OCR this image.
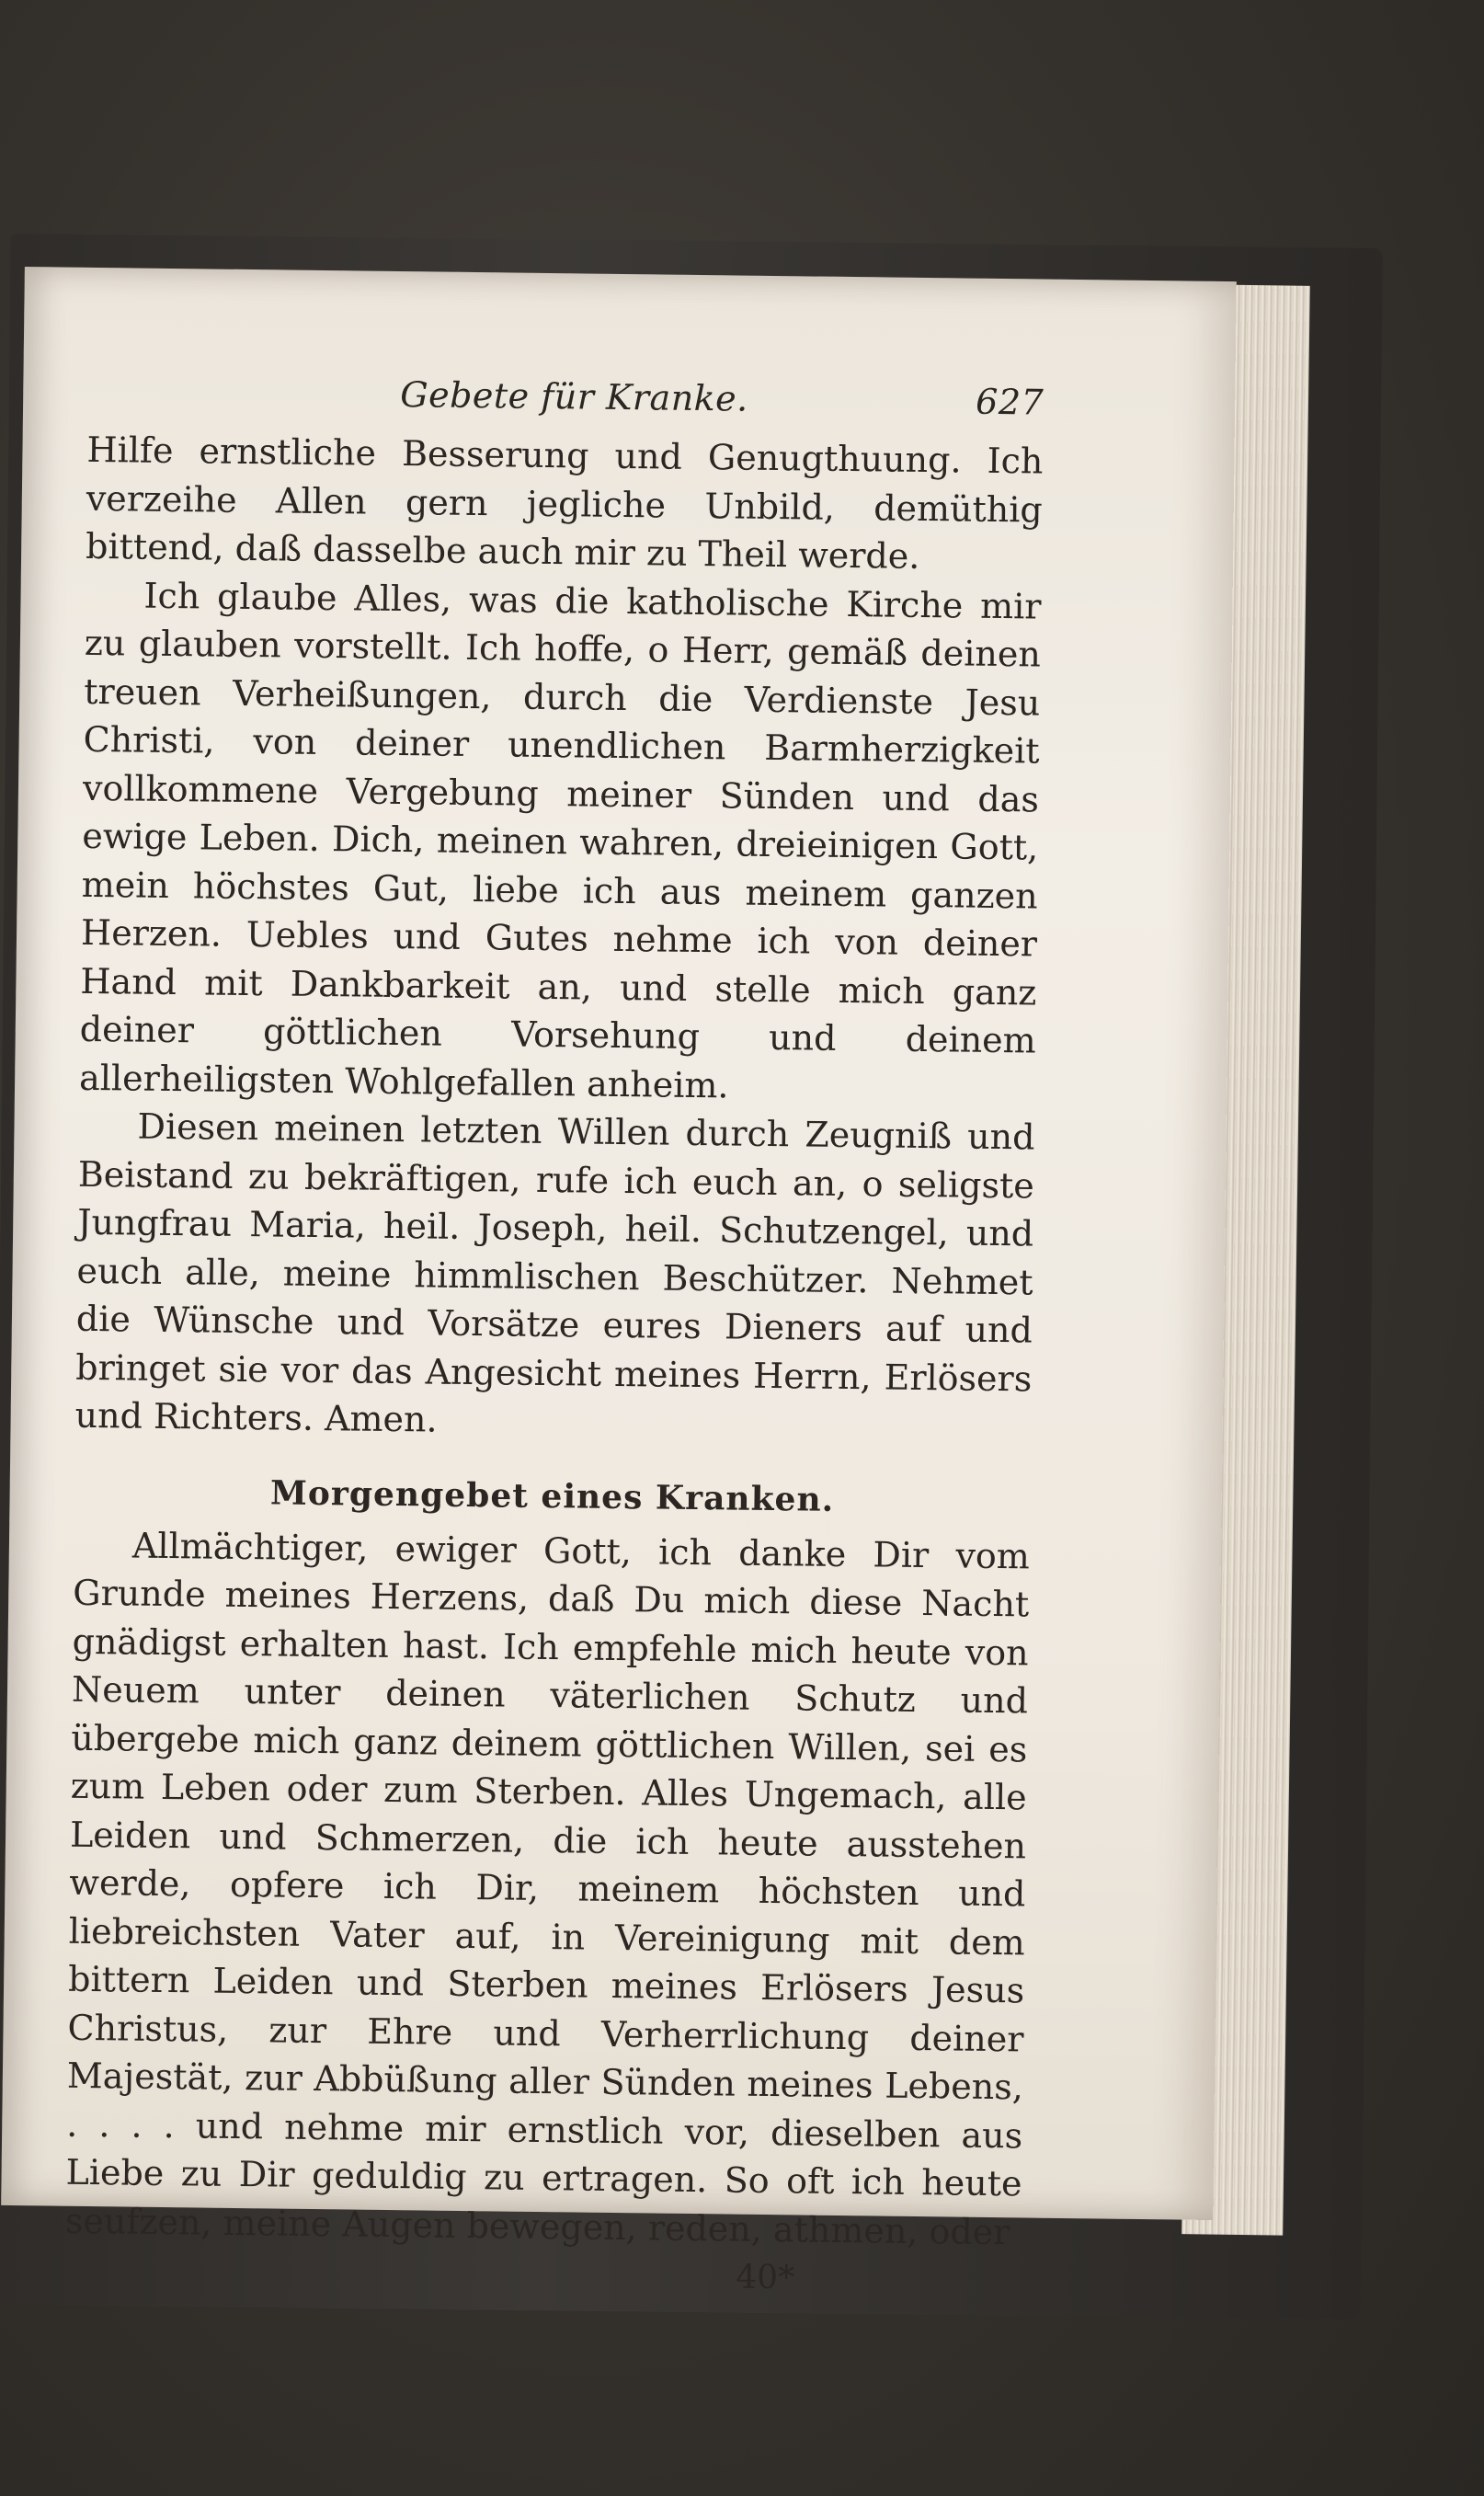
Gebete für Kranke.	627

Hilfe ernstliche Besserung und Genugthuung. Ich verzeihe Allen gern jegliche Unbild, demüthig bittend, daß dasselbe auch mir zu Theil werde.

Ich glaube Alles, was die katholische Kirche mir zu glauben vorstellt. Ich hoffe, o Herr, gemäß deinen treuen Verheißungen, durch die Verdienste Jesu Christi, von deiner unendlichen Barmherzigkeit vollkommene Vergebung meiner Sünden und das ewige Leben. Dich, meinen wahren, dreieinigen Gott, mein höchstes Gut, liebe ich aus meinem ganzen Herzen. Uebles und Gutes nehme ich von deiner Hand mit Dankbarkeit an, und stelle mich ganz deiner göttlichen Vorsehung und deinem allerheiligsten Wohlgefallen anheim.

Diesen meinen letzten Willen durch Zeugniß und Beistand zu bekräftigen, rufe ich euch an, o seligste Jungfrau Maria, heil. Joseph, heil. Schutzengel, und euch alle, meine himmlischen Beschützer. Nehmet die Wünsche und Vorsätze eures Dieners auf und bringet sie vor das Angesicht meines Herrn, Erlösers und Richters. Amen.

Morgengebet eines Kranken.

Allmächtiger, ewiger Gott, ich danke Dir vom Grunde meines Herzens, daß Du mich diese Nacht gnädigst erhalten hast. Ich empfehle mich heute von Neuem unter deinen väterlichen Schutz und übergebe mich ganz deinem göttlichen Willen, sei es zum Leben oder zum Sterben. Alles Ungemach, alle Leiden und Schmerzen, die ich heute ausstehen werde, opfere ich Dir, meinem höchsten und liebreichsten Vater auf, in Vereinigung mit dem bittern Leiden und Sterben meines Erlösers Jesus Christus, zur Ehre und Verherrlichung deiner Majestät, zur Abbüßung aller Sünden meines Lebens, . . . . und nehme mir ernstlich vor, dieselben aus Liebe zu Dir geduldig zu ertragen. So oft ich heute seufzen, meine Augen bewegen, reden, athmen, oder

40*
